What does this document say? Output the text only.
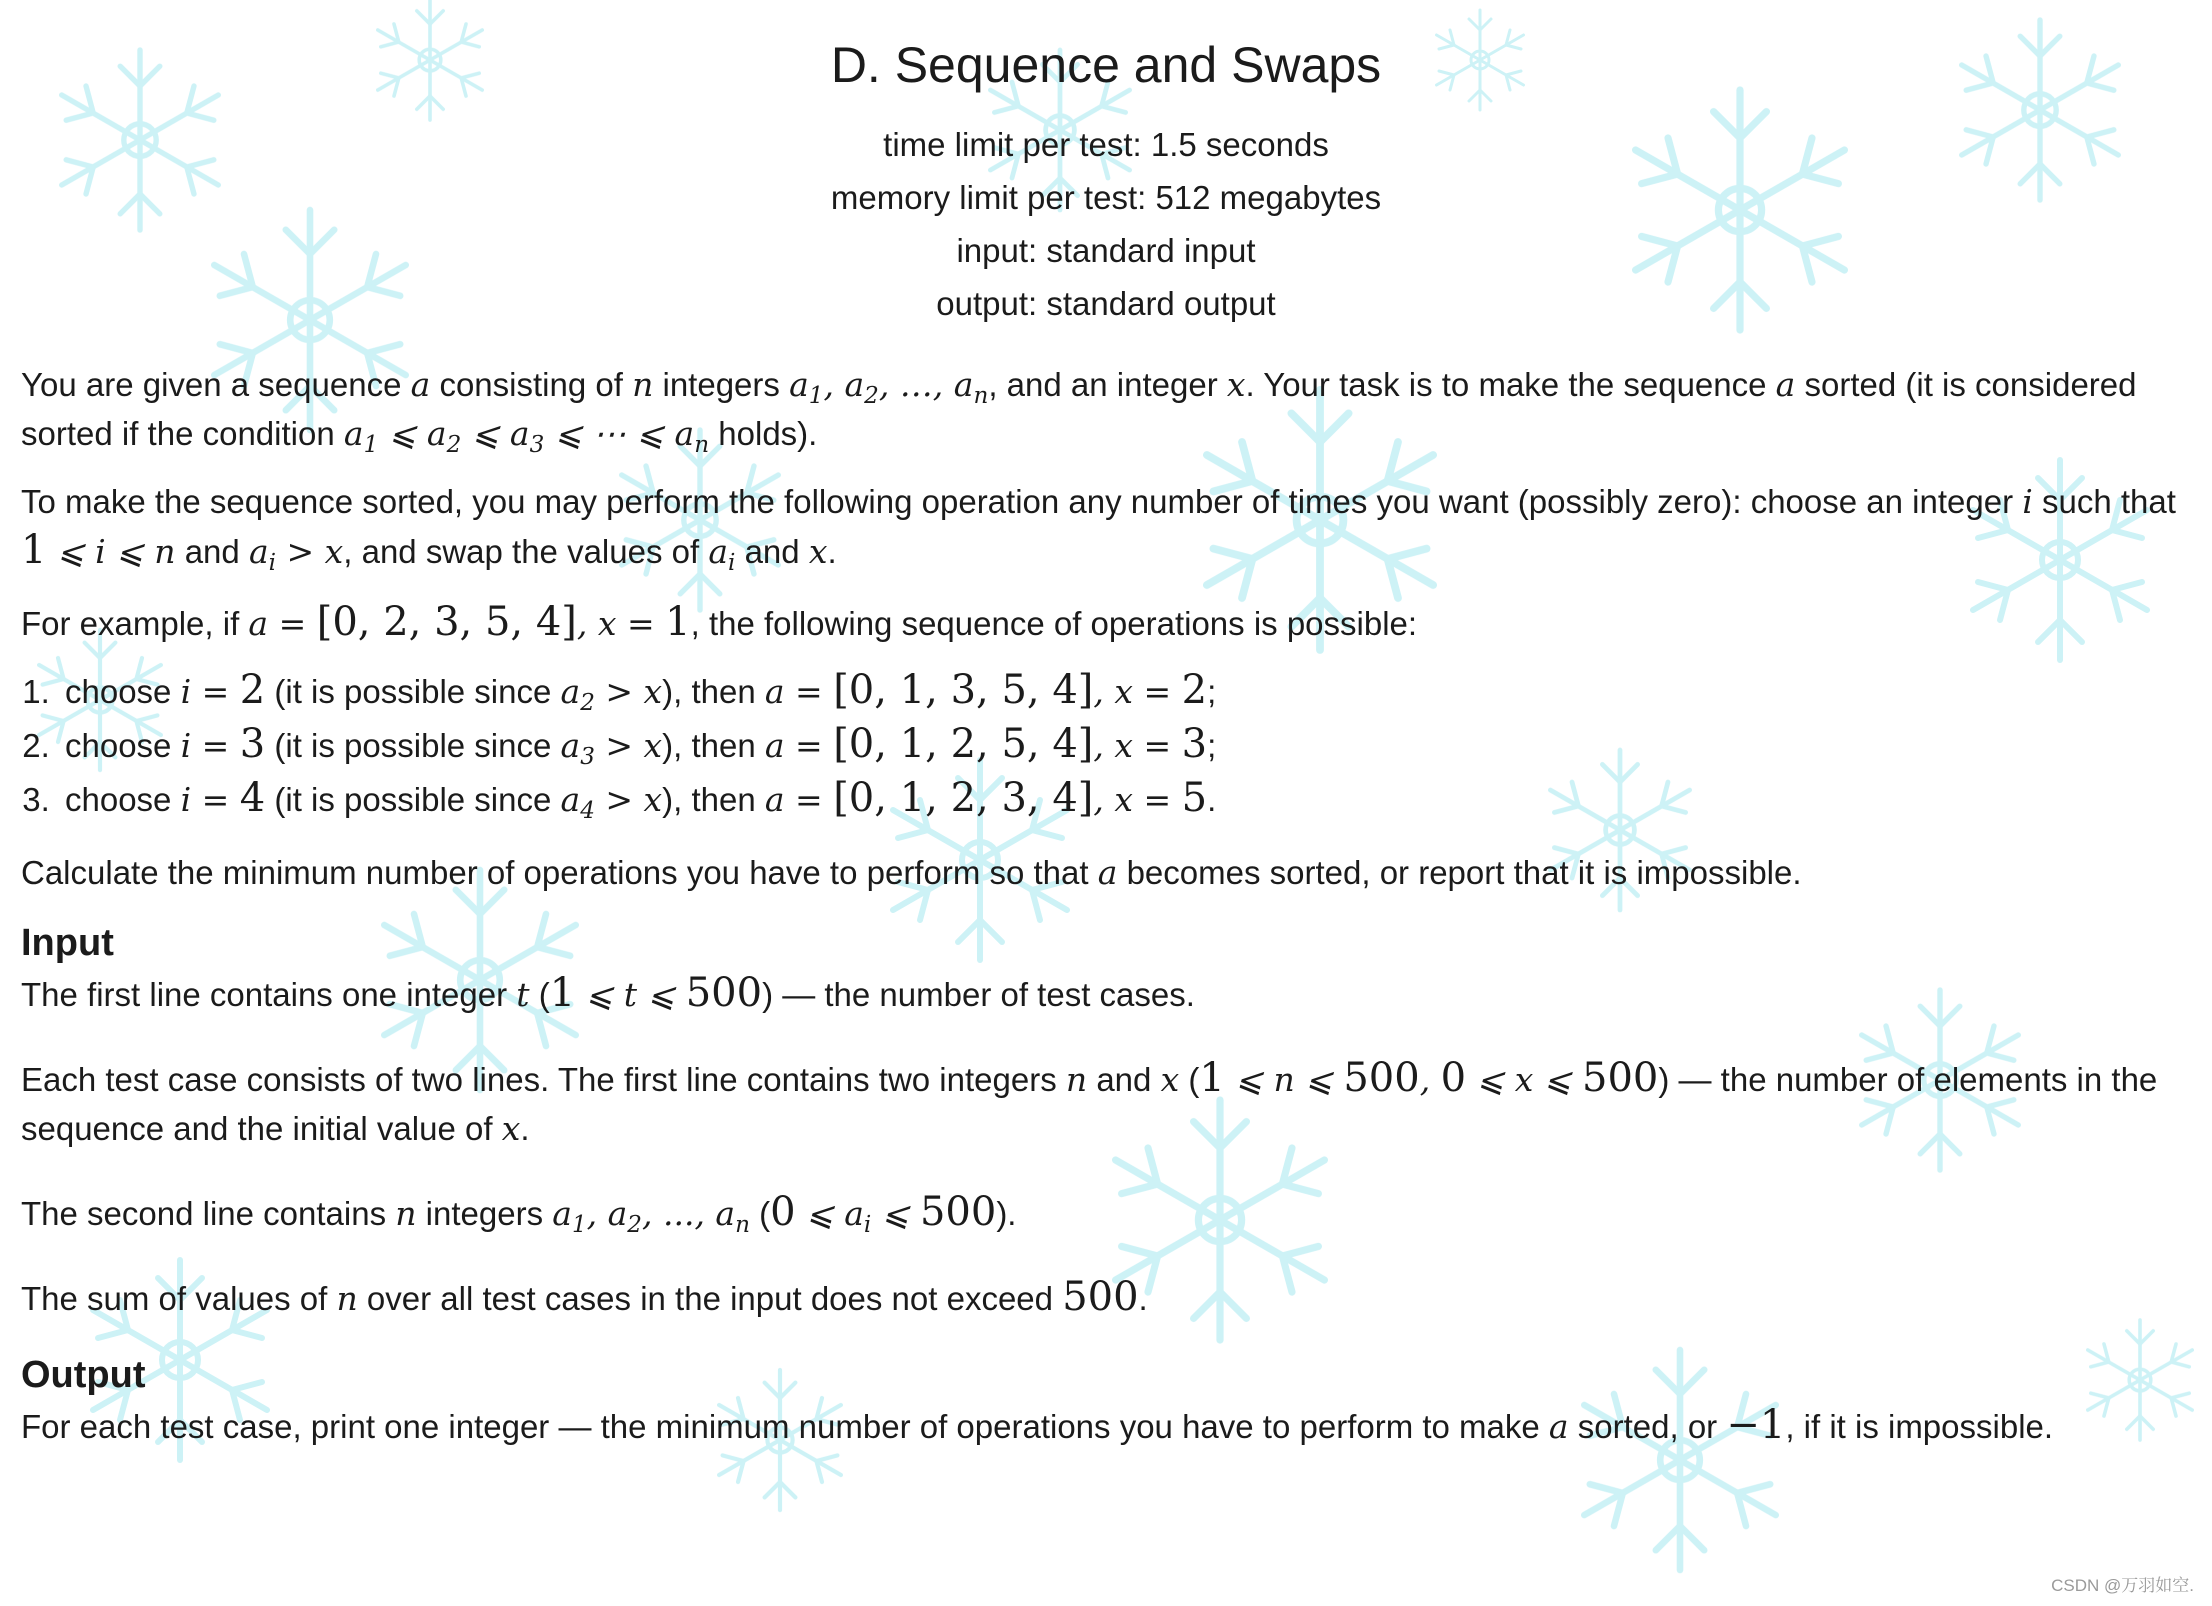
D. Sequence and Swaps
time limit per test: 1.5 seconds
memory limit per test: 512 megabytes
input: standard input
output: standard output

You are given a sequence a consisting of n integers $a_1$, $a_2$, …, $a_n$, and an integer x. Your task is to make the sequence a sorted (it is considered sorted if the condition $a_1$ ⩽ $a_2$ ⩽ $a_3$ ⩽ ⋯ ⩽ $a_n$ holds).

To make the sequence sorted, you may perform the following operation any number of times you want (possibly zero): choose an integer i such that 1 ⩽ i ⩽ n and $a_i > x$, and swap the values of $a_i$ and x.

For example, if a = [0, 2, 3, 5, 4], x = 1, the following sequence of operations is possible:

1. choose i = 2 (it is possible since $a_2 > x$), then a = [0, 1, 3, 5, 4], x = 2;
2. choose i = 3 (it is possible since $a_3 > x$), then a = [0, 1, 2, 5, 4], x = 3;
3. choose i = 4 (it is possible since $a_4 > x$), then a = [0, 1, 2, 3, 4], x = 5.

Calculate the minimum number of operations you have to perform so that a becomes sorted, or report that it is impossible.

Input

The first line contains one integer t (1 ⩽ t ⩽ 500) — the number of test cases.

Each test case consists of two lines. The first line contains two integers n and x (1 ⩽ n ⩽ 500, 0 ⩽ x ⩽ 500) — the number of elements in the sequence and the initial value of x.

The second line contains n integers $a_1$, $a_2$, ..., $a_n$ (0 ⩽ $a_i$ ⩽ 500).

The sum of values of n over all test cases in the input does not exceed 500.

Output

For each test case, print one integer — the minimum number of operations you have to perform to make a sorted, or −1, if it is impossible.

CSDN @万羽如空.
